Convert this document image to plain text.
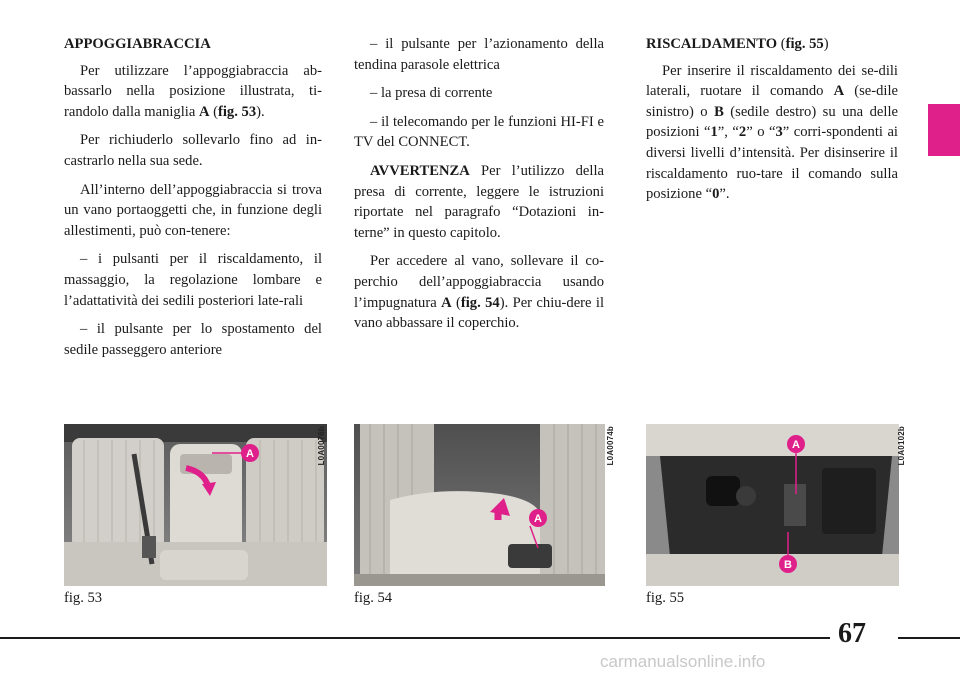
APPOGGIABRACCIA

Per utilizzare l’appoggiabraccia ab-bassarlo nella posizione illustrata, ti-randolo dalla maniglia A (fig. 53).

Per richiuderlo sollevarlo fino ad in-castrarlo nella sua sede.

All’interno dell’appoggiabraccia si trova un vano portaoggetti che, in funzione degli allestimenti, può con-tenere:

– i pulsanti per il riscaldamento, il massaggio, la regolazione lombare e l’adattatività dei sedili posteriori late-rali

– il pulsante per lo spostamento del sedile passeggero anteriore

– il pulsante per l’azionamento della tendina parasole elettrica

– la presa di corrente

– il telecomando per le funzioni HI-FI e TV del CONNECT.

AVVERTENZA Per l’utilizzo della presa di corrente, leggere le istruzioni riportate nel paragrafo “Dotazioni in-terne” in questo capitolo.

Per accedere al vano, sollevare il co-perchio dell’appoggiabraccia usando l’impugnatura A (fig. 54). Per chiu-dere il vano abbassare il coperchio.

RISCALDAMENTO (fig. 55)

Per inserire il riscaldamento dei se-dili laterali, ruotare il comando A (se-dile sinistro) o B (sedile destro) su una delle posizioni “1”, “2” o “3” corri-spondenti ai diversi livelli d’intensità. Per disinserire il riscaldamento ruo-tare il comando sulla posizione “0”.

A	L0A0076b
fig. 53
A
L0A0074b
fig. 54
A
B
L0A0102b
fig. 55
67
carmanualsonline.info
